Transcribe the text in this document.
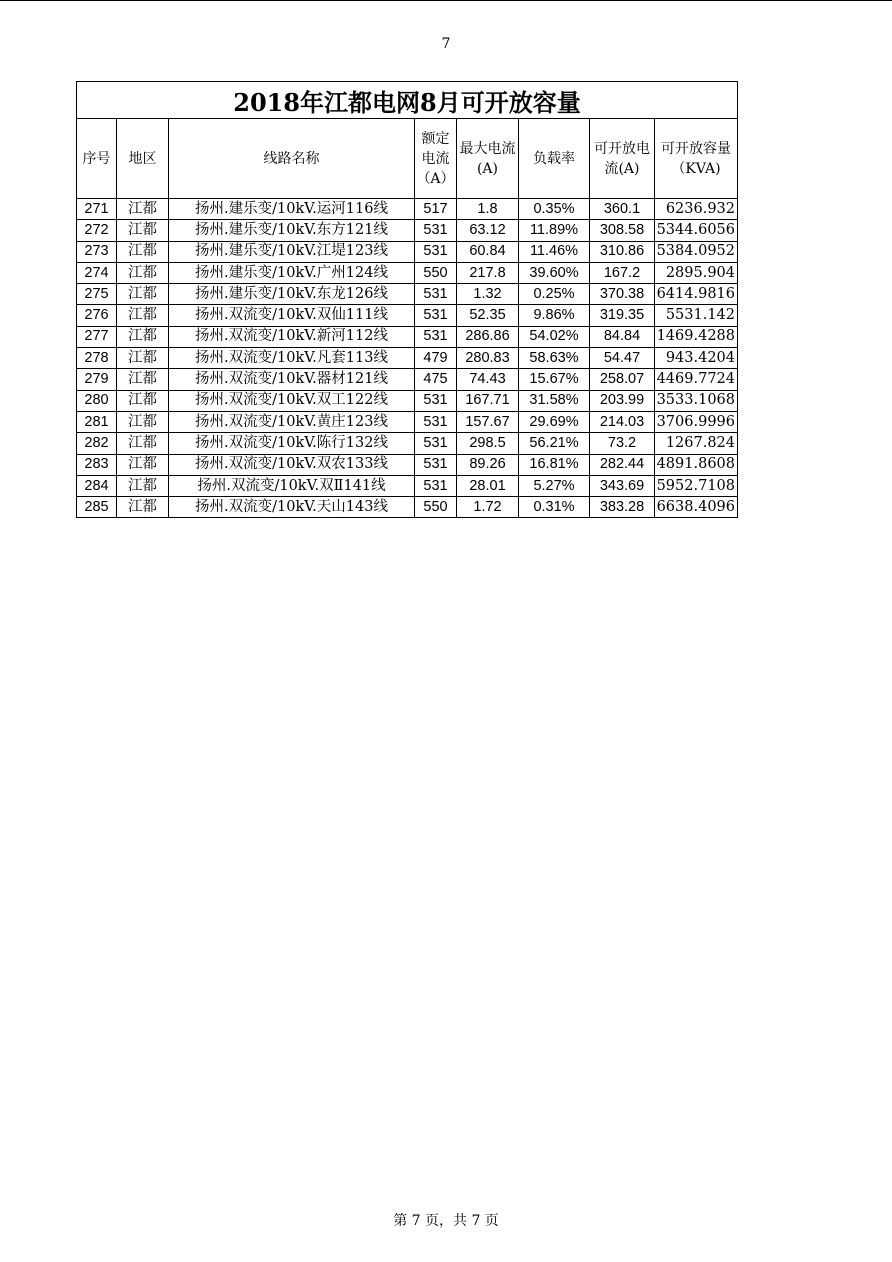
7
2018年江都电网8月可开放容量							
序号	地区	线路名称	额定电流（A）	最大电流(A)	负载率	可开放电流(A)	可开放容量（KVA)
271	江都	扬州.建乐变/10kV.运河116线	517	1.8	0.35%	360.1	6236.932
272	江都	扬州.建乐变/10kV.东方121线	531	63.12	11.89%	308.58	5344.6056
273	江都	扬州.建乐变/10kV.江堤123线	531	60.84	11.46%	310.86	5384.0952
274	江都	扬州.建乐变/10kV.广州124线	550	217.8	39.60%	167.2	2895.904
275	江都	扬州.建乐变/10kV.东龙126线	531	1.32	0.25%	370.38	6414.9816
276	江都	扬州.双流变/10kV.双仙111线	531	52.35	9.86%	319.35	5531.142
277	江都	扬州.双流变/10kV.新河112线	531	286.86	54.02%	84.84	1469.4288
278	江都	扬州.双流变/10kV.凡套113线	479	280.83	58.63%	54.47	943.4204
279	江都	扬州.双流变/10kV.器材121线	475	74.43	15.67%	258.07	4469.7724
280	江都	扬州.双流变/10kV.双工122线	531	167.71	31.58%	203.99	3533.1068
281	江都	扬州.双流变/10kV.黄庄123线	531	157.67	29.69%	214.03	3706.9996
282	江都	扬州.双流变/10kV.陈行132线	531	298.5	56.21%	73.2	1267.824
283	江都	扬州.双流变/10kV.双农133线	531	89.26	16.81%	282.44	4891.8608
284	江都	扬州.双流变/10kV.双Ⅱ141线	531	28.01	5.27%	343.69	5952.7108
285	江都	扬州.双流变/10kV.天山143线	550	1.72	0.31%	383.28	6638.4096
第 7 页，共 7 页
